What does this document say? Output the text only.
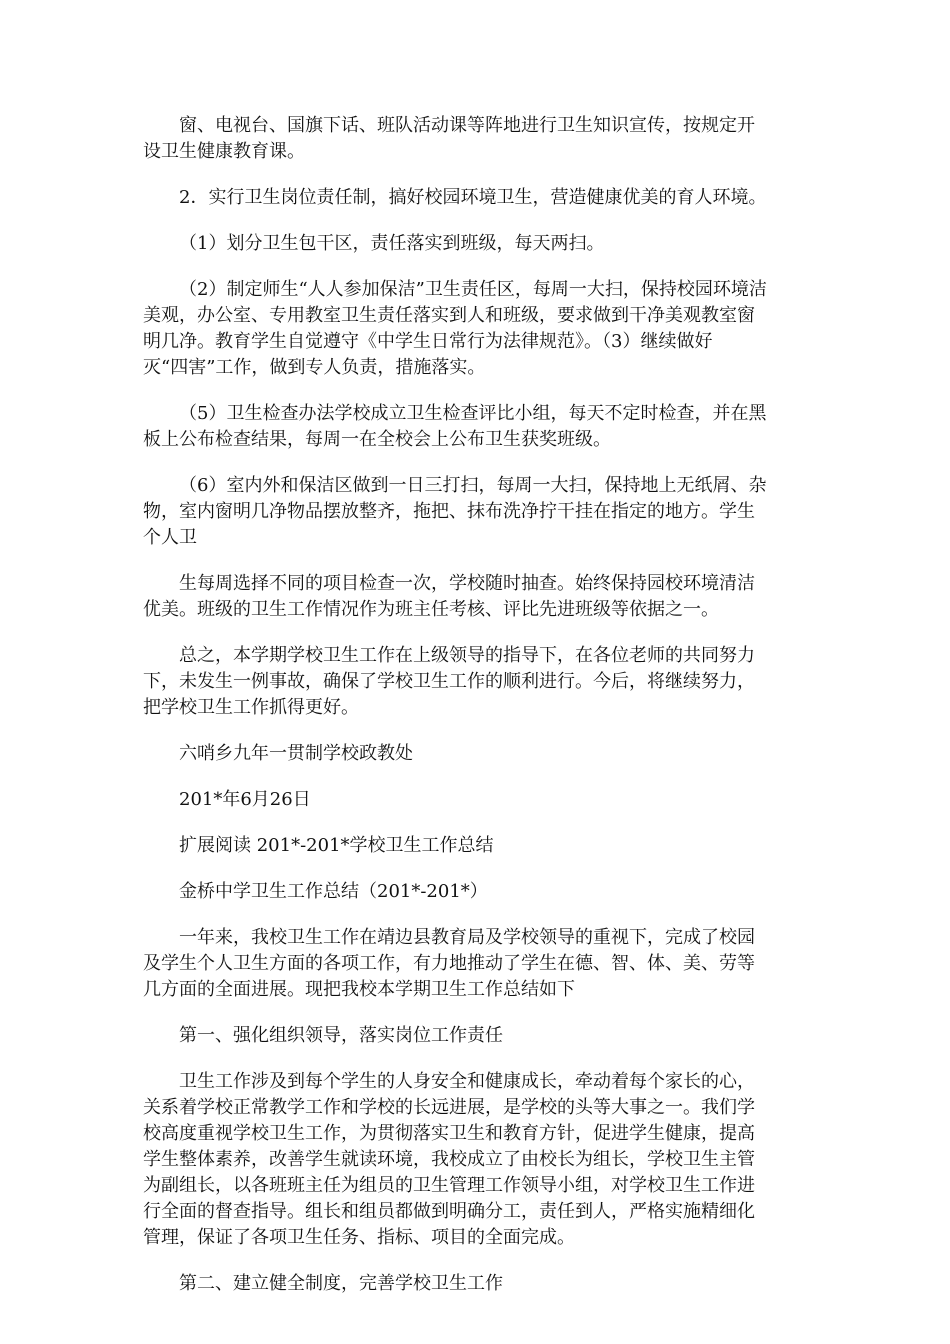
窗、电视台、国旗下话、班队活动课等阵地进行卫生知识宣传，按规定开
设卫生健康教育课。

2．实行卫生岗位责任制，搞好校园环境卫生，营造健康优美的育人环境。

（1）划分卫生包干区，责任落实到班级，每天两扫。

（2）制定师生“人人参加保洁”卫生责任区，每周一大扫，保持校园环境洁
美观，办公室、专用教室卫生责任落实到人和班级，要求做到干净美观教室窗
明几净。教育学生自觉遵守《中学生日常行为法律规范》。（3）继续做好
灭“四害”工作，做到专人负责，措施落实。

（5）卫生检查办法学校成立卫生检查评比小组，每天不定时检查，并在黑
板上公布检查结果，每周一在全校会上公布卫生获奖班级。

（6）室内外和保洁区做到一日三打扫，每周一大扫，保持地上无纸屑、杂
物，室内窗明几净物品摆放整齐，拖把、抹布洗净拧干挂在指定的地方。学生
个人卫

生每周选择不同的项目检查一次，学校随时抽查。始终保持园校环境清洁
优美。班级的卫生工作情况作为班主任考核、评比先进班级等依据之一。

总之，本学期学校卫生工作在上级领导的指导下，在各位老师的共同努力
下，未发生一例事故，确保了学校卫生工作的顺利进行。今后，将继续努力，
把学校卫生工作抓得更好。

六哨乡九年一贯制学校政教处

201*年6月26日

扩展阅读 201*-201*学校卫生工作总结

金桥中学卫生工作总结（201*-201*）

一年来，我校卫生工作在靖边县教育局及学校领导的重视下，完成了校园
及学生个人卫生方面的各项工作，有力地推动了学生在德、智、体、美、劳等
几方面的全面进展。现把我校本学期卫生工作总结如下

第一、强化组织领导，落实岗位工作责任

卫生工作涉及到每个学生的人身安全和健康成长，牵动着每个家长的心，
关系着学校正常教学工作和学校的长远进展，是学校的头等大事之一。我们学
校高度重视学校卫生工作，为贯彻落实卫生和教育方针，促进学生健康，提高
学生整体素养，改善学生就读环境，我校成立了由校长为组长，学校卫生主管
为副组长，以各班班主任为组员的卫生管理工作领导小组，对学校卫生工作进
行全面的督查指导。组长和组员都做到明确分工，责任到人，严格实施精细化
管理，保证了各项卫生任务、指标、项目的全面完成。

第二、建立健全制度，完善学校卫生工作
